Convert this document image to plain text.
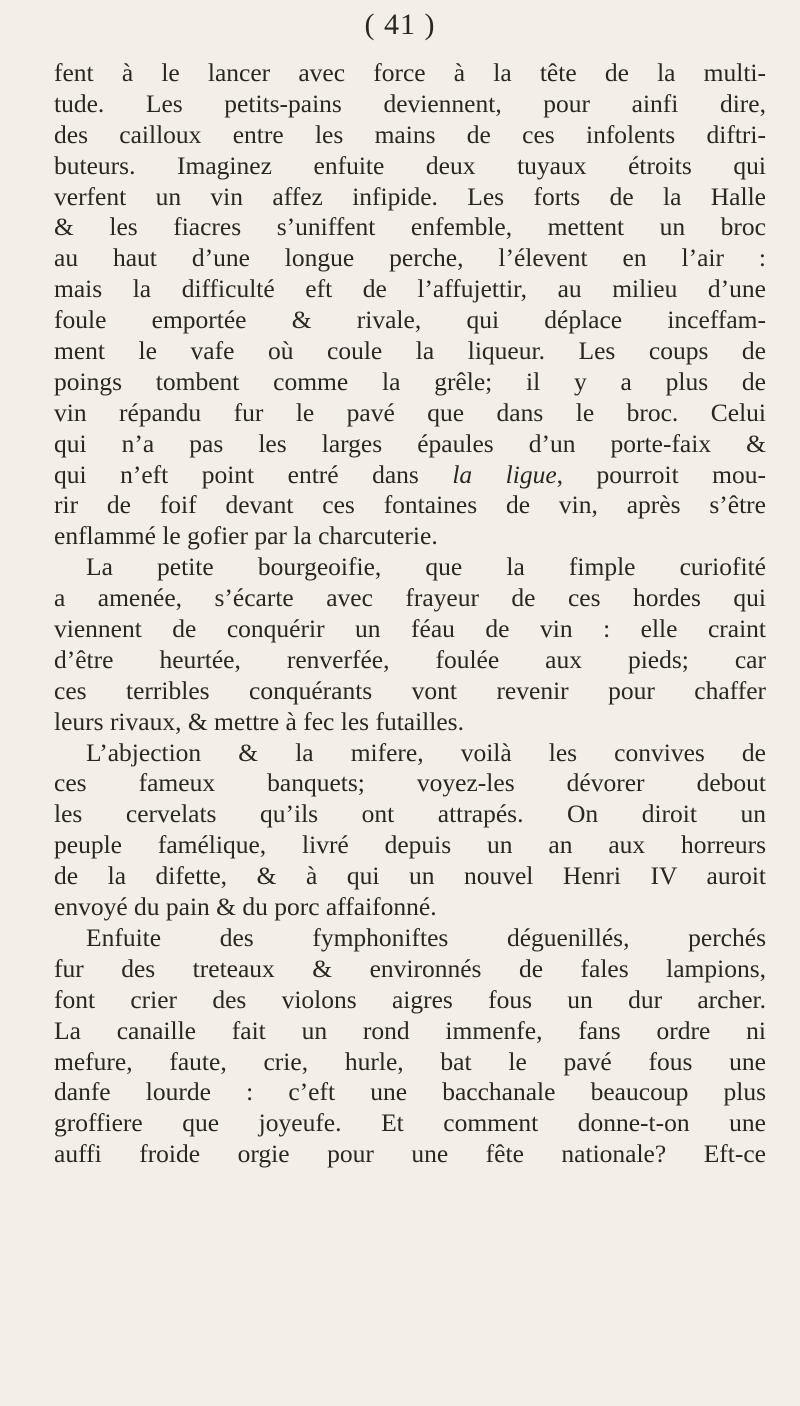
( 41 )
fent à le lancer avec force à la tête de la multi-
tude. Les petits-pains deviennent, pour ainfi dire,
des cailloux entre les mains de ces infolents diftri-
buteurs. Imaginez enfuite deux tuyaux étroits qui
verfent un vin affez infipide. Les forts de la Halle
& les fiacres s’uniffent enfemble, mettent un broc
au haut d’une longue perche, l’élevent en l’air :
mais la difficulté eft de l’affujettir, au milieu d’une
foule emportée & rivale, qui déplace inceffam-
ment le vafe où coule la liqueur. Les coups de
poings tombent comme la grêle; il y a plus de
vin répandu fur le pavé que dans le broc. Celui
qui n’a pas les larges épaules d’un porte-faix &
qui n’eft point entré dans la ligue, pourroit mou-
rir de foif devant ces fontaines de vin, après s’être
enflammé le gofier par la charcuterie.
La petite bourgeoifie, que la fimple curiofité
a amenée, s’écarte avec frayeur de ces hordes qui
viennent de conquérir un féau de vin : elle craint
d’être heurtée, renverfée, foulée aux pieds; car
ces terribles conquérants vont revenir pour chaffer
leurs rivaux, & mettre à fec les futailles.
L’abjection & la mifere, voilà les convives de
ces fameux banquets; voyez-les dévorer debout
les cervelats qu’ils ont attrapés. On diroit un
peuple famélique, livré depuis un an aux horreurs
de la difette, & à qui un nouvel Henri IV auroit
envoyé du pain & du porc affaifonné.
Enfuite des fymphoniftes déguenillés, perchés
fur des treteaux & environnés de fales lampions,
font crier des violons aigres fous un dur archer.
La canaille fait un rond immenfe, fans ordre ni
mefure, faute, crie, hurle, bat le pavé fous une
danfe lourde : c’eft une bacchanale beaucoup plus
groffiere que joyeufe. Et comment donne-t-on une
auffi froide orgie pour une fête nationale? Eft-ce
